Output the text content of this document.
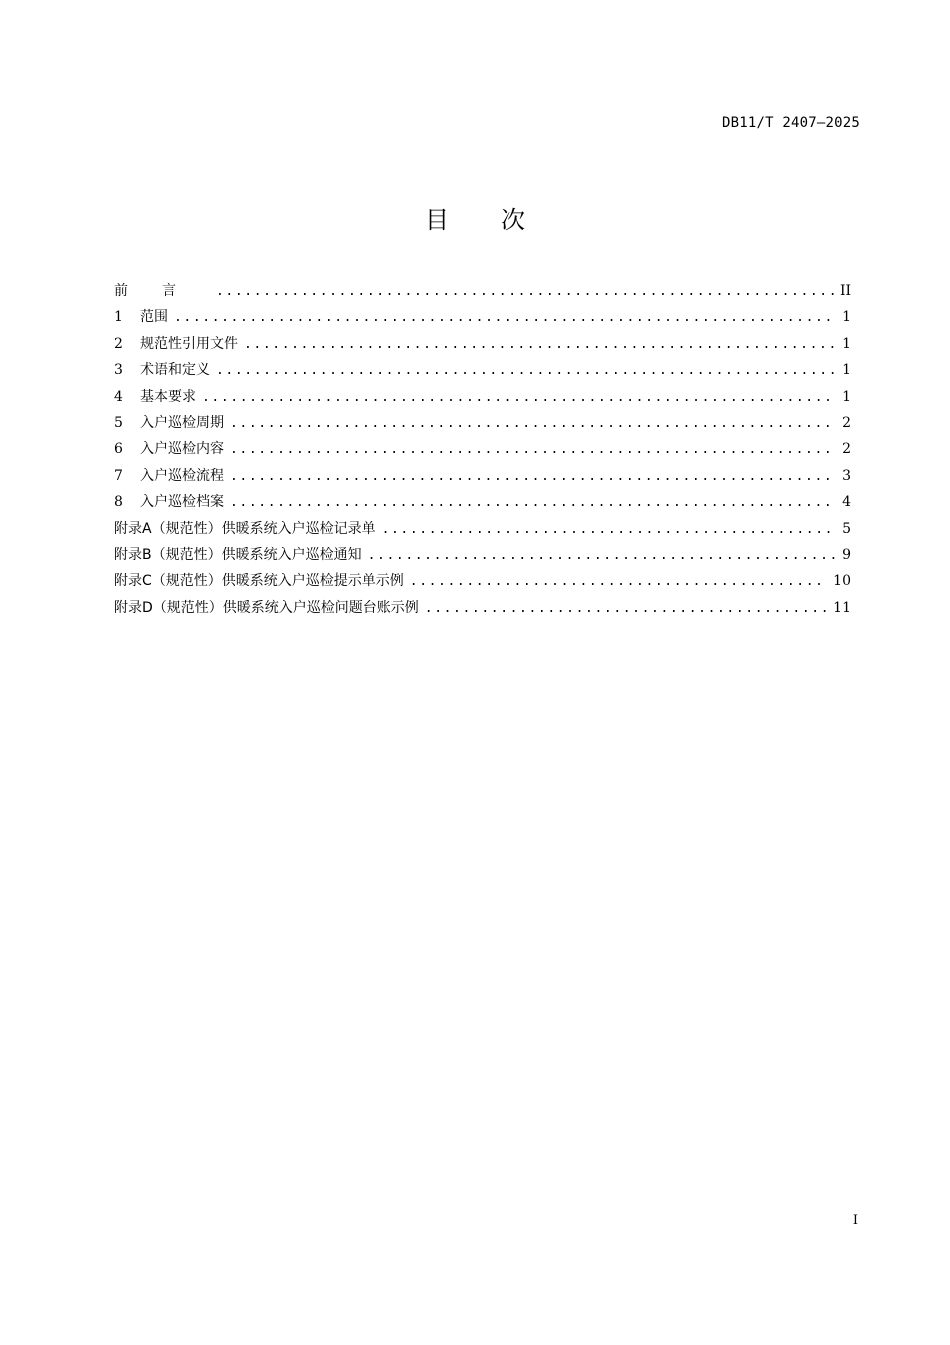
DB11/T 2407—2025
目次
前言 .....	II
1	范围 .....	1
2	规范性引用文件 .....	1
3	术语和定义 .....	1
4	基本要求 .....	1
5	入户巡检周期 .....	2
6	入户巡检内容 .....	2
7	入户巡检流程 .....	3
8	入户巡检档案 .....	4
附录A（规范性）供暖系统入户巡检记录单 .....	5
附录B（规范性）供暖系统入户巡检通知 .....	9
附录C（规范性）供暖系统入户巡检提示单示例 .....	10
附录D（规范性）供暖系统入户巡检问题台账示例 .....	11
I
